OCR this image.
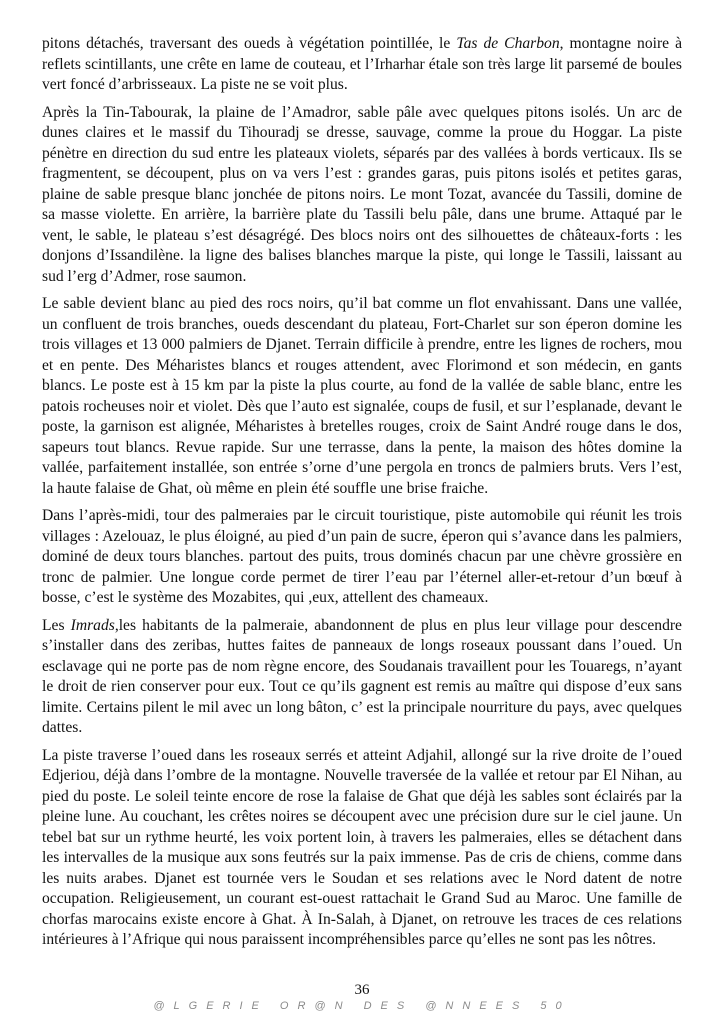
pitons détachés, traversant des oueds à végétation pointillée, le Tas de Charbon, montagne noire à reflets scintillants, une crête en lame de couteau, et l’Irharhar étale son très large lit parsemé de boules vert foncé d’arbrisseaux. La piste ne se voit plus.

Après la Tin-Tabourak, la plaine de l’Amadror, sable pâle avec quelques pitons isolés. Un arc de dunes claires et le massif du Tihouradj se dresse, sauvage, comme la proue du Hoggar. La piste pénètre en direction du sud entre les plateaux violets, séparés par des vallées à bords verticaux. Ils se fragmentent, se découpent, plus on va vers l’est : grandes garas, puis pitons isolés et petites garas, plaine de sable presque blanc jonchée de pitons noirs. Le mont Tozat, avancée du Tassili, domine de sa masse violette. En arrière, la barrière plate du Tassili belu pâle, dans une brume. Attaqué par le vent, le sable, le plateau s’est désagrégé. Des blocs noirs ont des silhouettes de châteaux-forts : les donjons d’Issandilène. la ligne des balises blanches marque la piste, qui longe le Tassili, laissant au sud l’erg d’Admer, rose saumon.

Le sable devient blanc au pied des rocs noirs, qu’il bat comme un flot envahissant. Dans une vallée, un confluent de trois branches, oueds descendant du plateau, Fort-Charlet sur son éperon domine les trois villages et 13 000 palmiers de Djanet. Terrain difficile à prendre, entre les lignes de rochers, mou et en pente. Des Méharistes blancs et rouges attendent, avec Florimond et son médecin, en gants blancs. Le poste est à 15 km par la piste la plus courte, au fond de la vallée de sable blanc, entre les patois rocheuses noir et violet. Dès que l’auto est signalée, coups de fusil, et sur l’esplanade, devant le poste, la garnison est alignée, Méharistes à bretelles rouges, croix de Saint André rouge dans le dos, sapeurs tout blancs. Revue rapide. Sur une terrasse, dans la pente, la maison des hôtes domine la vallée, parfaitement installée, son entrée s’orne d’une pergola en troncs de palmiers bruts. Vers l’est, la haute falaise de Ghat, où même en plein été souffle une brise fraiche.

Dans l’après-midi, tour des palmeraies par le circuit touristique, piste automobile qui réunit les trois villages : Azelouaz, le plus éloigné, au pied d’un pain de sucre, éperon qui s’avance dans les palmiers, dominé de deux tours blanches. partout des puits, trous dominés chacun par une chèvre grossière en tronc de palmier. Une longue corde permet de tirer l’eau par l’éternel aller-et-retour d’un bœuf à bosse, c’est le système des Mozabites, qui ,eux, attellent des chameaux.

Les Imrads,les habitants de la palmeraie, abandonnent de plus en plus leur village pour descendre s’installer dans des zeribas, huttes faites de panneaux de longs roseaux poussant dans l’oued. Un esclavage qui ne porte pas de nom règne encore, des Soudanais travaillent pour les Touaregs, n’ayant le droit de rien conserver pour eux. Tout ce qu’ils gagnent est remis au maître qui dispose d’eux sans limite. Certains pilent le mil avec un long bâton, c’ est la principale nourriture du pays, avec quelques dattes.

La piste traverse l’oued dans les roseaux serrés et atteint Adjahil, allongé sur la rive droite de l’oued Edjeriou, déjà dans l’ombre de la montagne. Nouvelle traversée de la vallée et retour par El Nihan, au pied du poste. Le soleil teinte encore de rose la falaise de Ghat que déjà les sables sont éclairés par la pleine lune. Au couchant, les crêtes noires se découpent avec une précision dure sur le ciel jaune. Un tebel bat sur un rythme heurté, les voix portent loin, à travers les palmeraies, elles se détachent dans les intervalles de la musique aux sons feutrés sur la paix immense. Pas de cris de chiens, comme dans les nuits arabes. Djanet est tournée vers le Soudan et ses relations avec le Nord datent de notre occupation. Religieusement, un courant est-ouest rattachait le Grand Sud au Maroc. Une famille de chorfas marocains existe encore à Ghat. À In-Salah, à Djanet, on retrouve les traces de ces relations intérieures à l’Afrique qui nous paraissent incompréhensibles parce qu’elles ne sont pas les nôtres.

36
@LGERIE OR@N DES @NNEES 50
